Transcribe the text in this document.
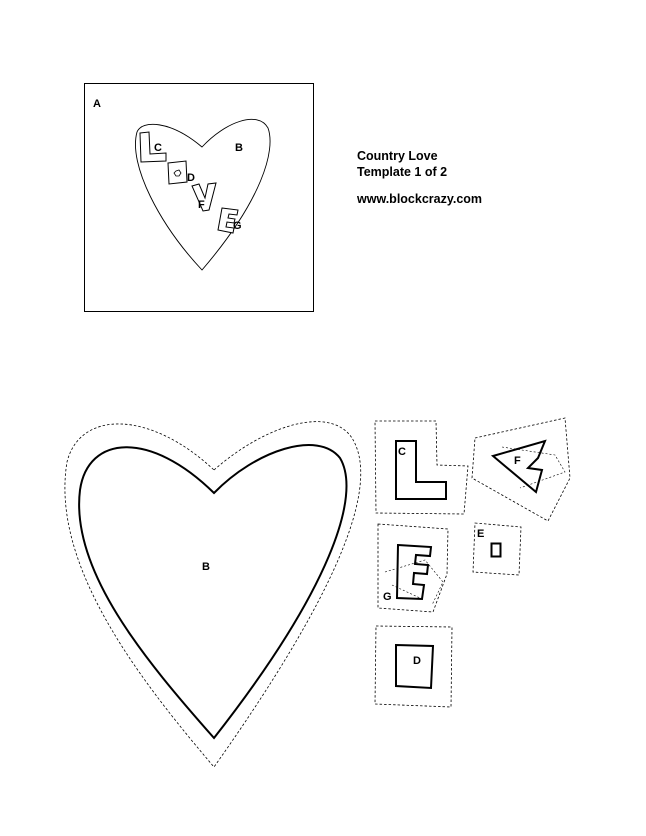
A
B
C
D
F
G
B
C
F
E
G
D
Country Love
Template 1 of 2
www.blockcrazy.com
